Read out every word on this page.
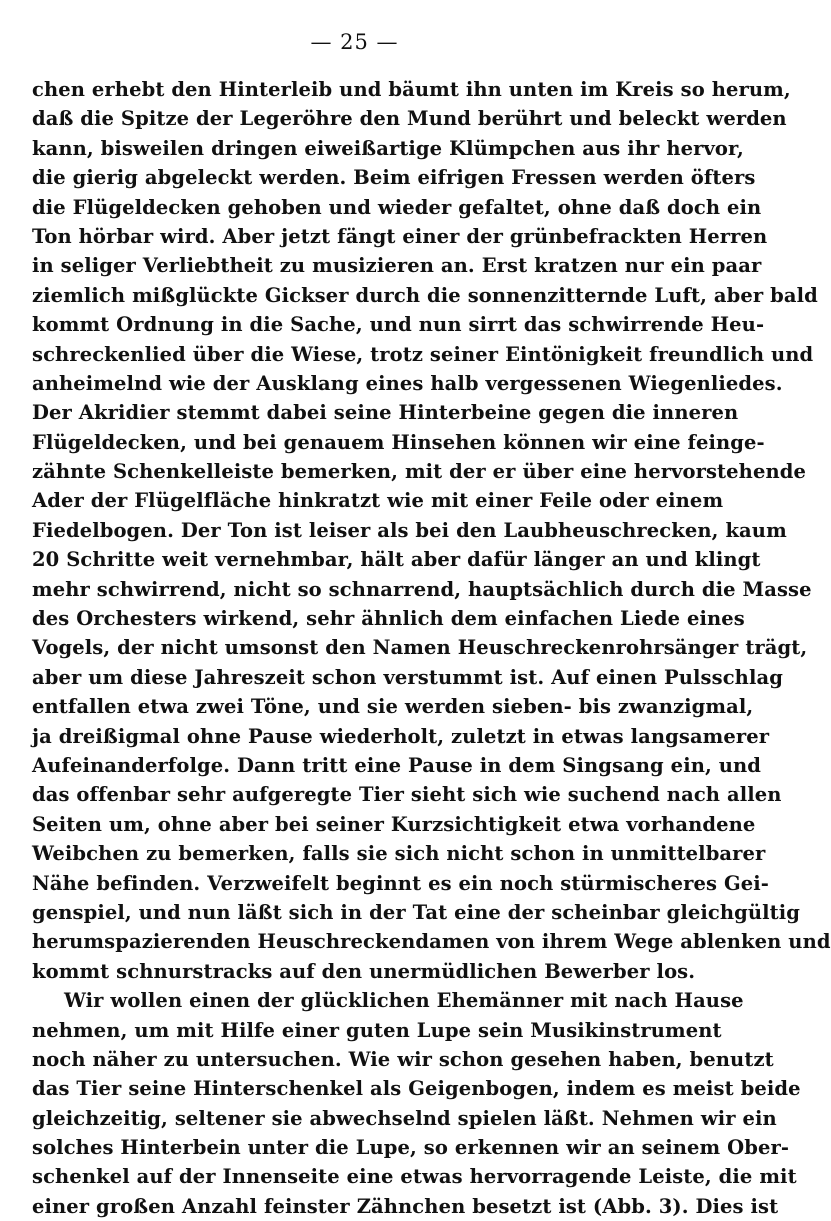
— 25 —
chen erhebt den Hinterleib und bäumt ihn unten im Kreis so herum,
daß die Spitze der Legeröhre den Mund berührt und beleckt werden
kann, bisweilen dringen eiweißartige Klümpchen aus ihr hervor,
die gierig abgeleckt werden. Beim eifrigen Fressen werden öfters
die Flügeldecken gehoben und wieder gefaltet, ohne daß doch ein
Ton hörbar wird. Aber jetzt fängt einer der grünbefrackten Herren
in seliger Verliebtheit zu musizieren an. Erst kratzen nur ein paar
ziemlich mißglückte Gickser durch die sonnenzitternde Luft, aber bald
kommt Ordnung in die Sache, und nun sirrt das schwirrende Heu-
schreckenlied über die Wiese, trotz seiner Eintönigkeit freundlich und
anheimelnd wie der Ausklang eines halb vergessenen Wiegenliedes.
Der Akridier stemmt dabei seine Hinterbeine gegen die inneren
Flügeldecken, und bei genauem Hinsehen können wir eine feinge-
zähnte Schenkelleiste bemerken, mit der er über eine hervorstehende
Ader der Flügelfläche hinkratzt wie mit einer Feile oder einem
Fiedelbogen. Der Ton ist leiser als bei den Laubheuschrecken, kaum
20 Schritte weit vernehmbar, hält aber dafür länger an und klingt
mehr schwirrend, nicht so schnarrend, hauptsächlich durch die Masse
des Orchesters wirkend, sehr ähnlich dem einfachen Liede eines
Vogels, der nicht umsonst den Namen Heuschreckenrohrsänger trägt,
aber um diese Jahreszeit schon verstummt ist. Auf einen Pulsschlag
entfallen etwa zwei Töne, und sie werden sieben- bis zwanzigmal,
ja dreißigmal ohne Pause wiederholt, zuletzt in etwas langsamerer
Aufeinanderfolge. Dann tritt eine Pause in dem Singsang ein, und
das offenbar sehr aufgeregte Tier sieht sich wie suchend nach allen
Seiten um, ohne aber bei seiner Kurzsichtigkeit etwa vorhandene
Weibchen zu bemerken, falls sie sich nicht schon in unmittelbarer
Nähe befinden. Verzweifelt beginnt es ein noch stürmischeres Gei-
genspiel, und nun läßt sich in der Tat eine der scheinbar gleichgültig
herumspazierenden Heuschreckendamen von ihrem Wege ablenken und
kommt schnurstracks auf den unermüdlichen Bewerber los.
Wir wollen einen der glücklichen Ehemänner mit nach Hause
nehmen, um mit Hilfe einer guten Lupe sein Musikinstrument
noch näher zu untersuchen. Wie wir schon gesehen haben, benutzt
das Tier seine Hinterschenkel als Geigenbogen, indem es meist beide
gleichzeitig, seltener sie abwechselnd spielen läßt. Nehmen wir ein
solches Hinterbein unter die Lupe, so erkennen wir an seinem Ober-
schenkel auf der Innenseite eine etwas hervorragende Leiste, die mit
einer großen Anzahl feinster Zähnchen besetzt ist (Abb. 3). Dies ist
